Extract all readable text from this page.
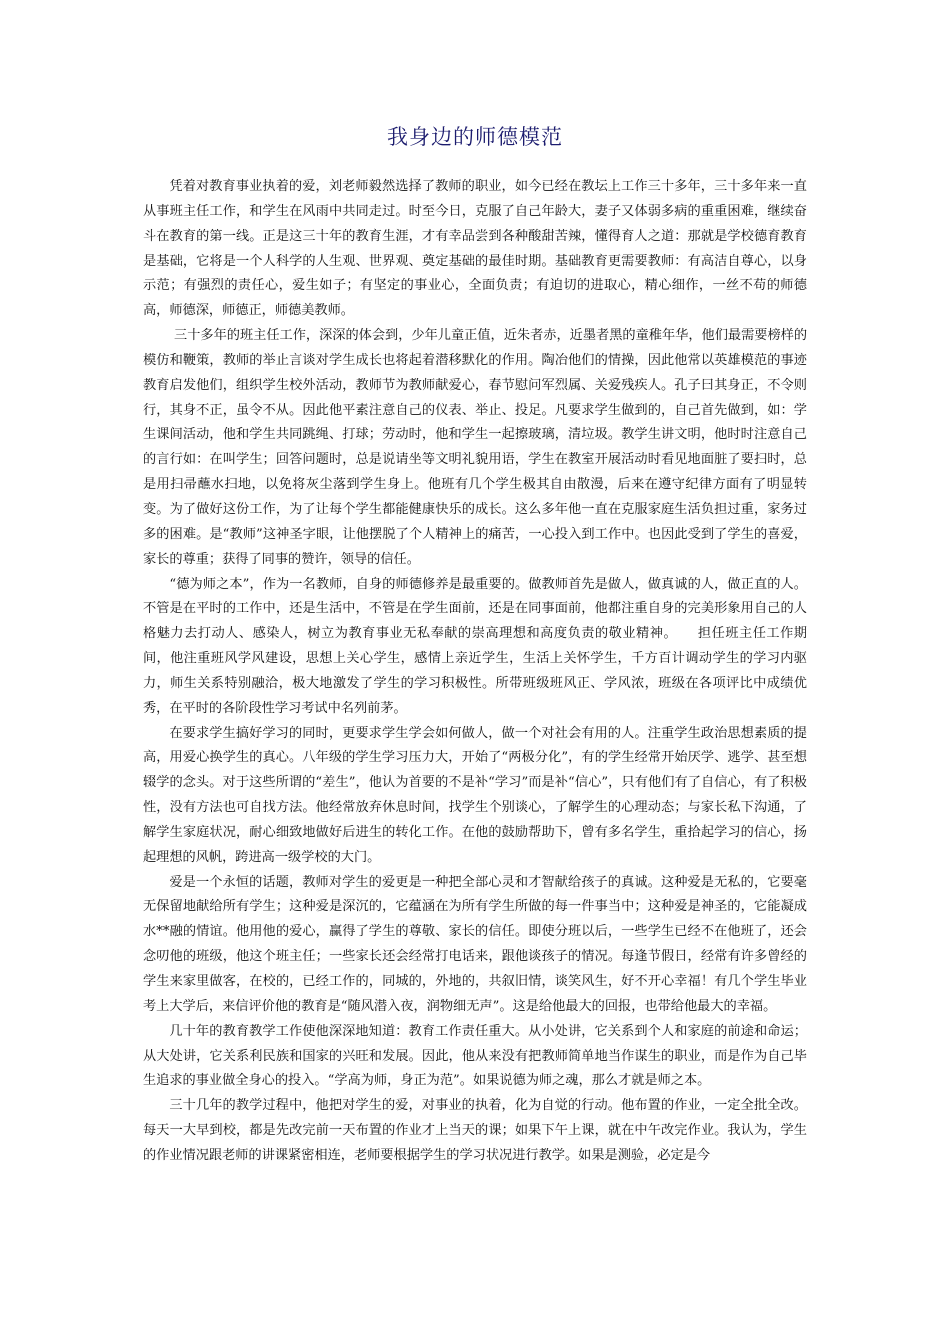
我身边的师德模范

凭着对教育事业执着的爱，刘老师毅然选择了教师的职业，如今已经在教坛上工作三十多年，三十多年来一直从事班主任工作，和学生在风雨中共同走过。时至今日，克服了自己年龄大，妻子又体弱多病的重重困难，继续奋斗在教育的第一线。正是这三十年的教育生涯，才有幸品尝到各种酸甜苦辣，懂得育人之道：那就是学校德育教育是基础，它将是一个人科学的人生观、世界观、奠定基础的最佳时期。基础教育更需要教师：有高洁自尊心，以身示范；有强烈的责任心，爱生如子；有坚定的事业心，全面负责；有迫切的进取心，精心细作，一丝不苟的师德高，师德深，师德正，师德美教师。

三十多年的班主任工作，深深的体会到，少年儿童正值，近朱者赤，近墨者黑的童稚年华，他们最需要榜样的模仿和鞭策，教师的举止言谈对学生成长也将起着潜移默化的作用。陶冶他们的情操，因此他常以英雄模范的事迹教育启发他们，组织学生校外活动，教师节为教师献爱心，春节慰问军烈属、关爱残疾人。孔子曰其身正，不令则行，其身不正，虽令不从。因此他平素注意自己的仪表、举止、投足。凡要求学生做到的，自己首先做到，如：学生课间活动，他和学生共同跳绳、打球；劳动时，他和学生一起擦玻璃，清垃圾。教学生讲文明，他时时注意自己的言行如：在叫学生；回答问题时，总是说请坐等文明礼貌用语，学生在教室开展活动时看见地面脏了要扫时，总是用扫帚蘸水扫地，以免将灰尘落到学生身上。他班有几个学生极其自由散漫，后来在遵守纪律方面有了明显转变。为了做好这份工作，为了让每个学生都能健康快乐的成长。这么多年他一直在克服家庭生活负担过重，家务过多的困难。是“教师”这神圣字眼，让他摆脱了个人精神上的痛苦，一心投入到工作中。也因此受到了学生的喜爱，家长的尊重；获得了同事的赞许，领导的信任。

“德为师之本”，作为一名教师，自身的师德修养是最重要的。做教师首先是做人，做真诚的人，做正直的人。不管是在平时的工作中，还是生活中，不管是在学生面前，还是在同事面前，他都注重自身的完美形象用自己的人格魅力去打动人、感染人，树立为教育事业无私奉献的崇高理想和高度负责的敬业精神。　　担任班主任工作期间，他注重班风学风建设，思想上关心学生，感情上亲近学生，生活上关怀学生，千方百计调动学生的学习内驱力，师生关系特别融洽，极大地激发了学生的学习积极性。所带班级班风正、学风浓，班级在各项评比中成绩优秀，在平时的各阶段性学习考试中名列前茅。

在要求学生搞好学习的同时，更要求学生学会如何做人，做一个对社会有用的人。注重学生政治思想素质的提高，用爱心换学生的真心。八年级的学生学习压力大，开始了“两极分化”，有的学生经常开始厌学、逃学、甚至想辍学的念头。对于这些所谓的“差生”，他认为首要的不是补“学习”而是补“信心”，只有他们有了自信心，有了积极性，没有方法也可自找方法。他经常放弃休息时间，找学生个别谈心，了解学生的心理动态；与家长私下沟通，了解学生家庭状况，耐心细致地做好后进生的转化工作。在他的鼓励帮助下，曾有多名学生，重拾起学习的信心，扬起理想的风帆，跨进高一级学校的大门。

爱是一个永恒的话题，教师对学生的爱更是一种把全部心灵和才智献给孩子的真诚。这种爱是无私的，它要毫无保留地献给所有学生；这种爱是深沉的，它蕴涵在为所有学生所做的每一件事当中；这种爱是神圣的，它能凝成水**融的情谊。他用他的爱心，赢得了学生的尊敬、家长的信任。即使分班以后，一些学生已经不在他班了，还会念叨他的班级，他这个班主任；一些家长还会经常打电话来，跟他谈孩子的情况。每逢节假日，经常有许多曾经的学生来家里做客，在校的，已经工作的，同城的，外地的，共叙旧情，谈笑风生，好不开心幸福！有几个学生毕业考上大学后，来信评价他的教育是“随风潜入夜，润物细无声”。这是给他最大的回报，也带给他最大的幸福。

几十年的教育教学工作使他深深地知道：教育工作责任重大。从小处讲，它关系到个人和家庭的前途和命运；从大处讲，它关系利民族和国家的兴旺和发展。因此，他从来没有把教师简单地当作谋生的职业，而是作为自己毕生追求的事业做全身心的投入。“学高为师，身正为范”。如果说德为师之魂，那么才就是师之本。

三十几年的教学过程中，他把对学生的爱，对事业的执着，化为自觉的行动。他布置的作业，一定全批全改。每天一大早到校，都是先改完前一天布置的作业才上当天的课；如果下午上课，就在中午改完作业。我认为，学生的作业情况跟老师的讲课紧密相连，老师要根据学生的学习状况进行教学。如果是测验，必定是今
